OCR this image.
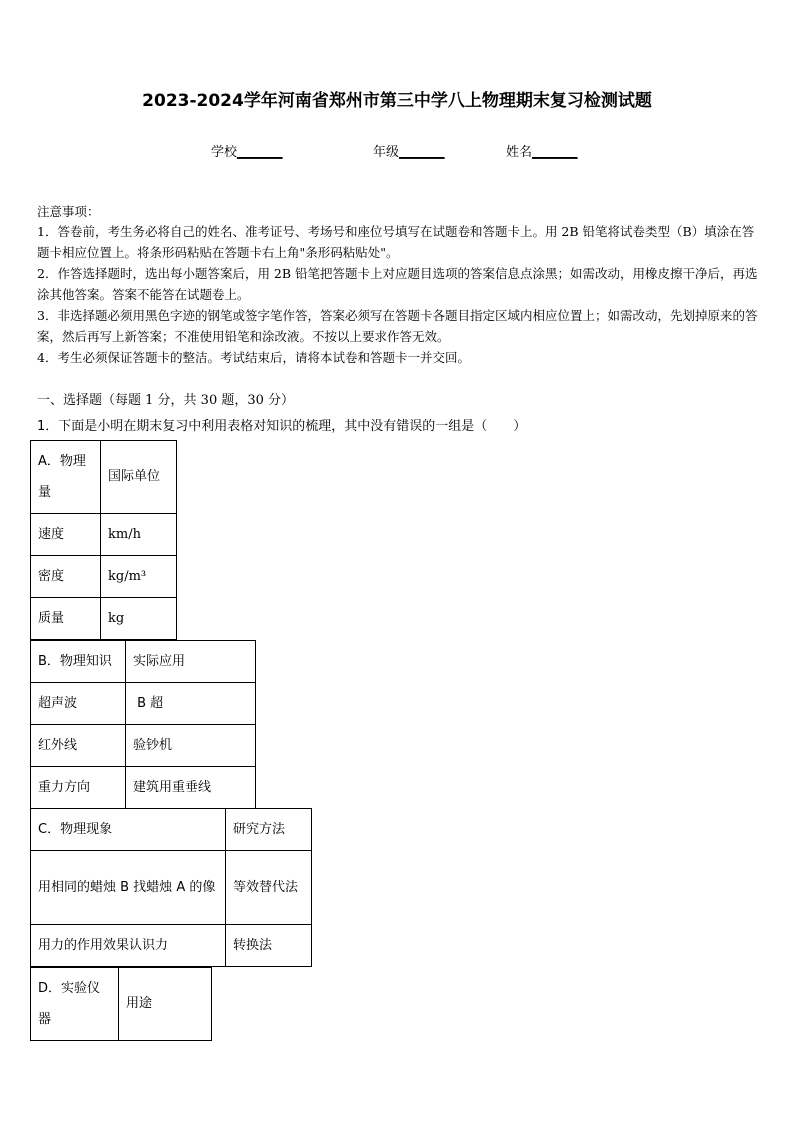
2023-2024学年河南省郑州市第三中学八上物理期末复习检测试题
学校_______	年级_______	姓名_______
注意事项：
1．答卷前，考生务必将自己的姓名、准考证号、考场号和座位号填写在试题卷和答题卡上。用 2B 铅笔将试卷类型（B）填涂在答题卡相应位置上。将条形码粘贴在答题卡右上角"条形码粘贴处"。
2．作答选择题时，选出每小题答案后，用 2B 铅笔把答题卡上对应题目选项的答案信息点涂黑；如需改动，用橡皮擦干净后，再选涂其他答案。答案不能答在试题卷上。
3．非选择题必须用黑色字迹的钢笔或签字笔作答，答案必须写在答题卡各题目指定区域内相应位置上；如需改动，先划掉原来的答案，然后再写上新答案；不准使用铅笔和涂改液。不按以上要求作答无效。
4．考生必须保证答题卡的整洁。考试结束后，请将本试卷和答题卡一并交回。
一、选择题（每题 1 分，共 30 题，30 分）
1．下面是小明在期末复习中利用表格对知识的梳理，其中没有错误的一组是（　　）
A．物理量	国际单位
速度	km/h
密度	kg/m³
质量	kg
B．物理知识	实际应用
超声波	B 超
红外线	验钞机
重力方向	建筑用重垂线
C．物理现象	研究方法
用相同的蜡烛 B 找蜡烛 A 的像	等效替代法
用力的作用效果认识力	转换法
D．实验仪器	用途
